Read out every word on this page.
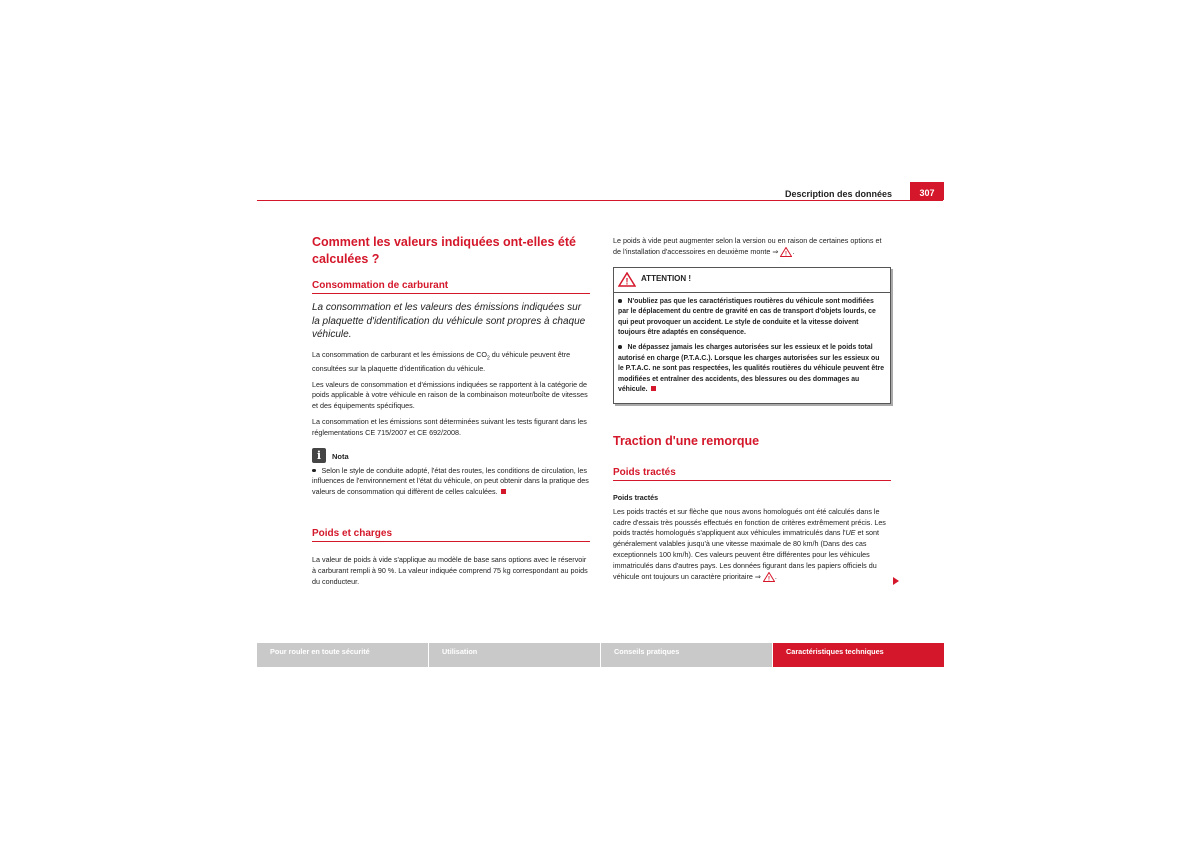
Description des données	307
Comment les valeurs indiquées ont-elles été calculées ?
Consommation de carburant

La consommation et les valeurs des émissions indiquées sur la plaquette d'identification du véhicule sont propres à chaque véhicule.

La consommation de carburant et les émissions de $CO_2$ du véhicule peuvent être consultées sur la plaquette d'identification du véhicule.

Les valeurs de consommation et d'émissions indiquées se rapportent à la catégorie de poids applicable à votre véhicule en raison de la combinaison moteur/boîte de vitesses et des équipements spécifiques.

La consommation et les émissions sont déterminées suivant les tests figurant dans les réglementations CE 715/2007 et CE 692/2008.

i	Nota

Selon le style de conduite adopté, l'état des routes, les conditions de circulation, les influences de l'environnement et l'état du véhicule, on peut obtenir dans la pratique des valeurs de consommation qui diffèrent de celles calculées.

Poids et charges

La valeur de poids à vide s'applique au modèle de base sans options avec le réservoir à carburant rempli à 90 %. La valeur indiquée comprend 75 kg correspondant au poids du conducteur.

Le poids à vide peut augmenter selon la version ou en raison de certaines options et de l'installation d'accessoires en deuxième monte ⇒ ! .

! ATTENTION !

N'oubliez pas que les caractéristiques routières du véhicule sont modifiées par le déplacement du centre de gravité en cas de transport d'objets lourds, ce qui peut provoquer un accident. Le style de conduite et la vitesse doivent toujours être adaptés en conséquence.

Ne dépassez jamais les charges autorisées sur les essieux et le poids total autorisé en charge (P.T.A.C.). Lorsque les charges autorisées sur les essieux ou le P.T.A.C. ne sont pas respectées, les qualités routières du véhicule peuvent être modifiées et entraîner des accidents, des blessures ou des dommages au véhicule.

Traction d'une remorque
Poids tractés

Poids tractés

Les poids tractés et sur flèche que nous avons homologués ont été calculés dans le cadre d'essais très poussés effectués en fonction de critères extrêmement précis. Les poids tractés homologués s'appliquent aux véhicules immatriculés dans l'UE et sont généralement valables jusqu'à une vitesse maximale de 80 km/h (Dans des cas exceptionnels 100 km/h). Ces valeurs peuvent être différentes pour les véhicules immatriculés dans d'autres pays. Les données figurant dans les papiers officiels du véhicule ont toujours un caractère prioritaire ⇒ ! .

Pour rouler en toute sécurité	Utilisation	Conseils pratiques	Caractéristiques techniques
